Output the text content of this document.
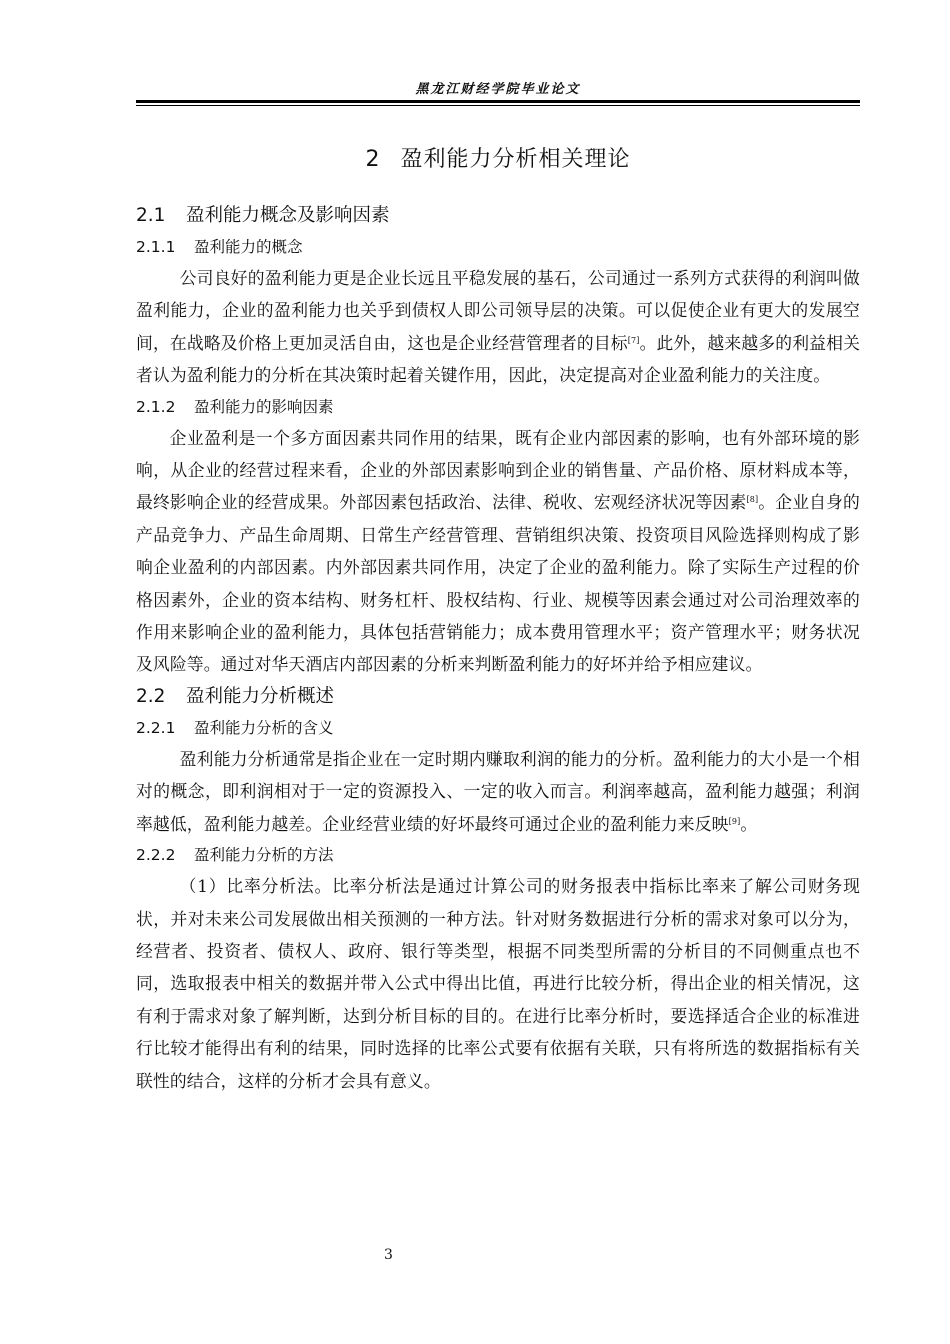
黑龙江财经学院毕业论文
2 盈利能力分析相关理论
2.1 盈利能力概念及影响因素
2.1.1 盈利能力的概念

公司良好的盈利能力更是企业长远且平稳发展的基石，公司通过一系列方式获得的利润叫做盈利能力，企业的盈利能力也关乎到债权人即公司领导层的决策。可以促使企业有更大的发展空间，在战略及价格上更加灵活自由，这也是企业经营管理者的目标[7]。此外，越来越多的利益相关者认为盈利能力的分析在其决策时起着关键作用，因此，决定提高对企业盈利能力的关注度。

2.1.2 盈利能力的影响因素

企业盈利是一个多方面因素共同作用的结果，既有企业内部因素的影响，也有外部环境的影响，从企业的经营过程来看，企业的外部因素影响到企业的销售量、产品价格、原材料成本等，最终影响企业的经营成果。外部因素包括政治、法律、税收、宏观经济状况等因素[8]。企业自身的产品竞争力、产品生命周期、日常生产经营管理、营销组织决策、投资项目风险选择则构成了影响企业盈利的内部因素。内外部因素共同作用，决定了企业的盈利能力。除了实际生产过程的价格因素外，企业的资本结构、财务杠杆、股权结构、行业、规模等因素会通过对公司治理效率的作用来影响企业的盈利能力，具体包括营销能力；成本费用管理水平；资产管理水平；财务状况及风险等。通过对华天酒店内部因素的分析来判断盈利能力的好坏并给予相应建议。

2.2 盈利能力分析概述
2.2.1 盈利能力分析的含义

盈利能力分析通常是指企业在一定时期内赚取利润的能力的分析。盈利能力的大小是一个相对的概念，即利润相对于一定的资源投入、一定的收入而言。利润率越高，盈利能力越强；利润率越低，盈利能力越差。企业经营业绩的好坏最终可通过企业的盈利能力来反映[9]。

2.2.2 盈利能力分析的方法

（1）比率分析法。比率分析法是通过计算公司的财务报表中指标比率来了解公司财务现状，并对未来公司发展做出相关预测的一种方法。针对财务数据进行分析的需求对象可以分为，经营者、投资者、债权人、政府、银行等类型，根据不同类型所需的分析目的不同侧重点也不同，选取报表中相关的数据并带入公式中得出比值，再进行比较分析，得出企业的相关情况，这有利于需求对象了解判断，达到分析目标的目的。在进行比率分析时，要选择适合企业的标准进行比较才能得出有利的结果，同时选择的比率公式要有依据有关联，只有将所选的数据指标有关联性的结合，这样的分析才会具有意义。

3
